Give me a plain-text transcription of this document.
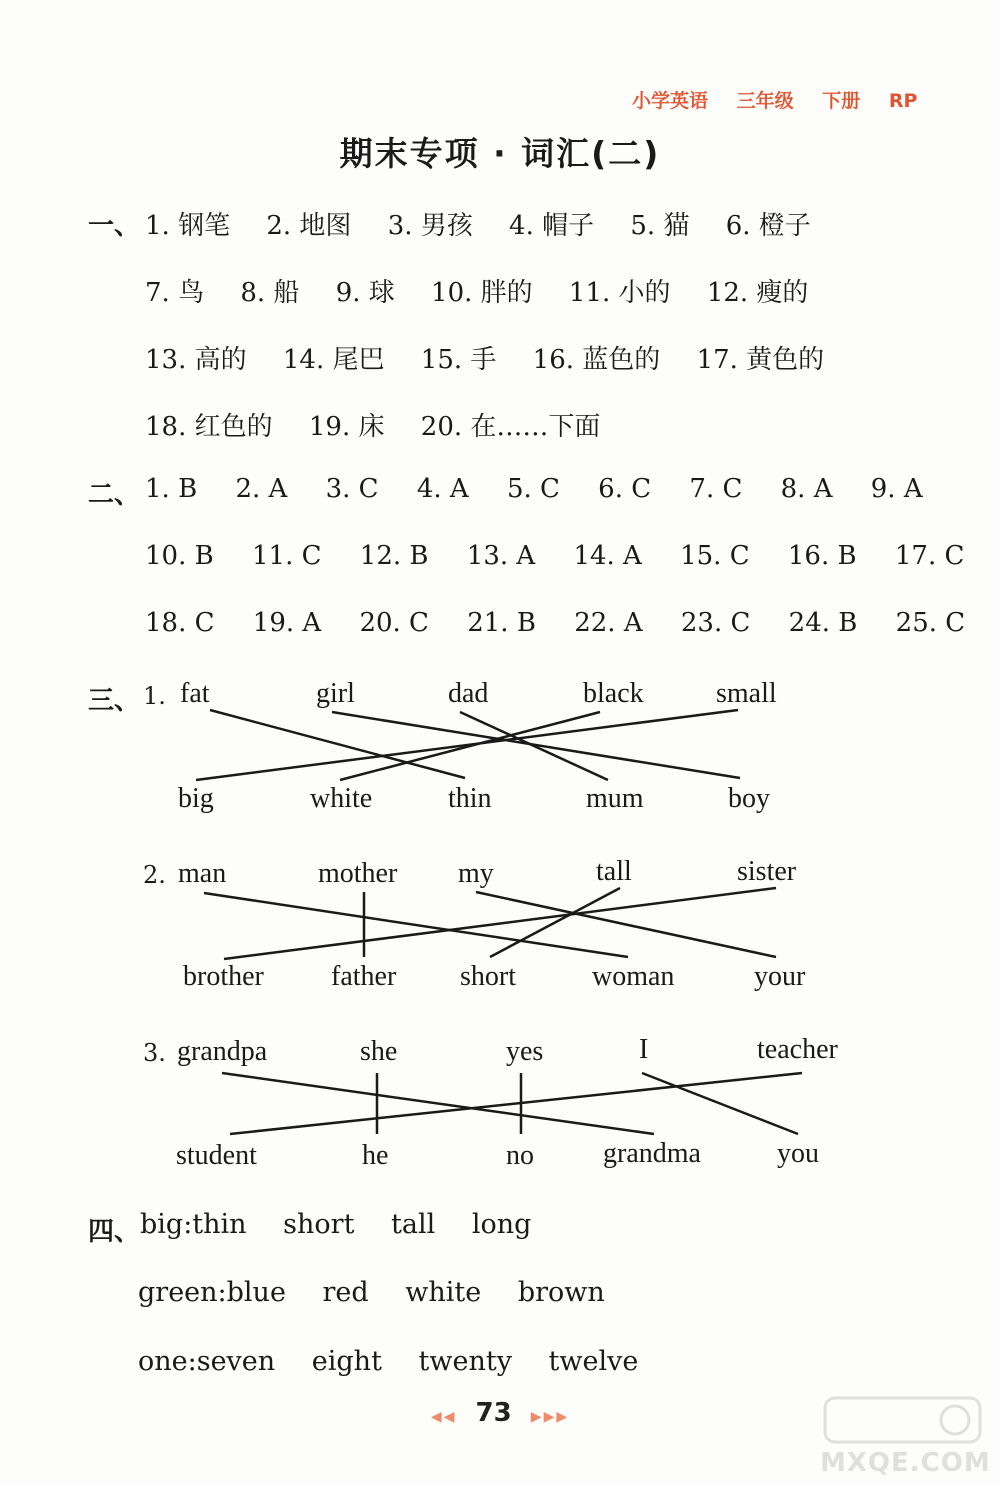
小学英语 三年级 下册 RP
期末专项 · 词汇(二)
一、 1. 钢笔 2. 地图 3. 男孩 4. 帽子 5. 猫 6. 橙子
7. 鸟 8. 船 9. 球 10. 胖的 11. 小的 12. 瘦的
13. 高的 14. 尾巴 15. 手 16. 蓝色的 17. 黄色的
18. 红色的 19. 床 20. 在……下面
二、 1. B 2. A 3. C 4. A 5. C 6. C 7. C 8. A 9. A
10. B 11. C 12. B 13. A 14. A 15. C 16. B 17. C
18. C 19. A 20. C 21. B 22. A 23. C 24. B 25. C
三、 1. fat	girl	dad	black	small
big	white	thin	mum	boy
2. man	mother my	tall	sister
brother father short	woman	your
3. grandpa	she	yes	I	teacher
student	he	no grandma	you
四、 big:thin short tall long
green:blue red white brown
one:seven eight twenty twelve
◀◀ 73 ▶▶▶
MXQE.COM
